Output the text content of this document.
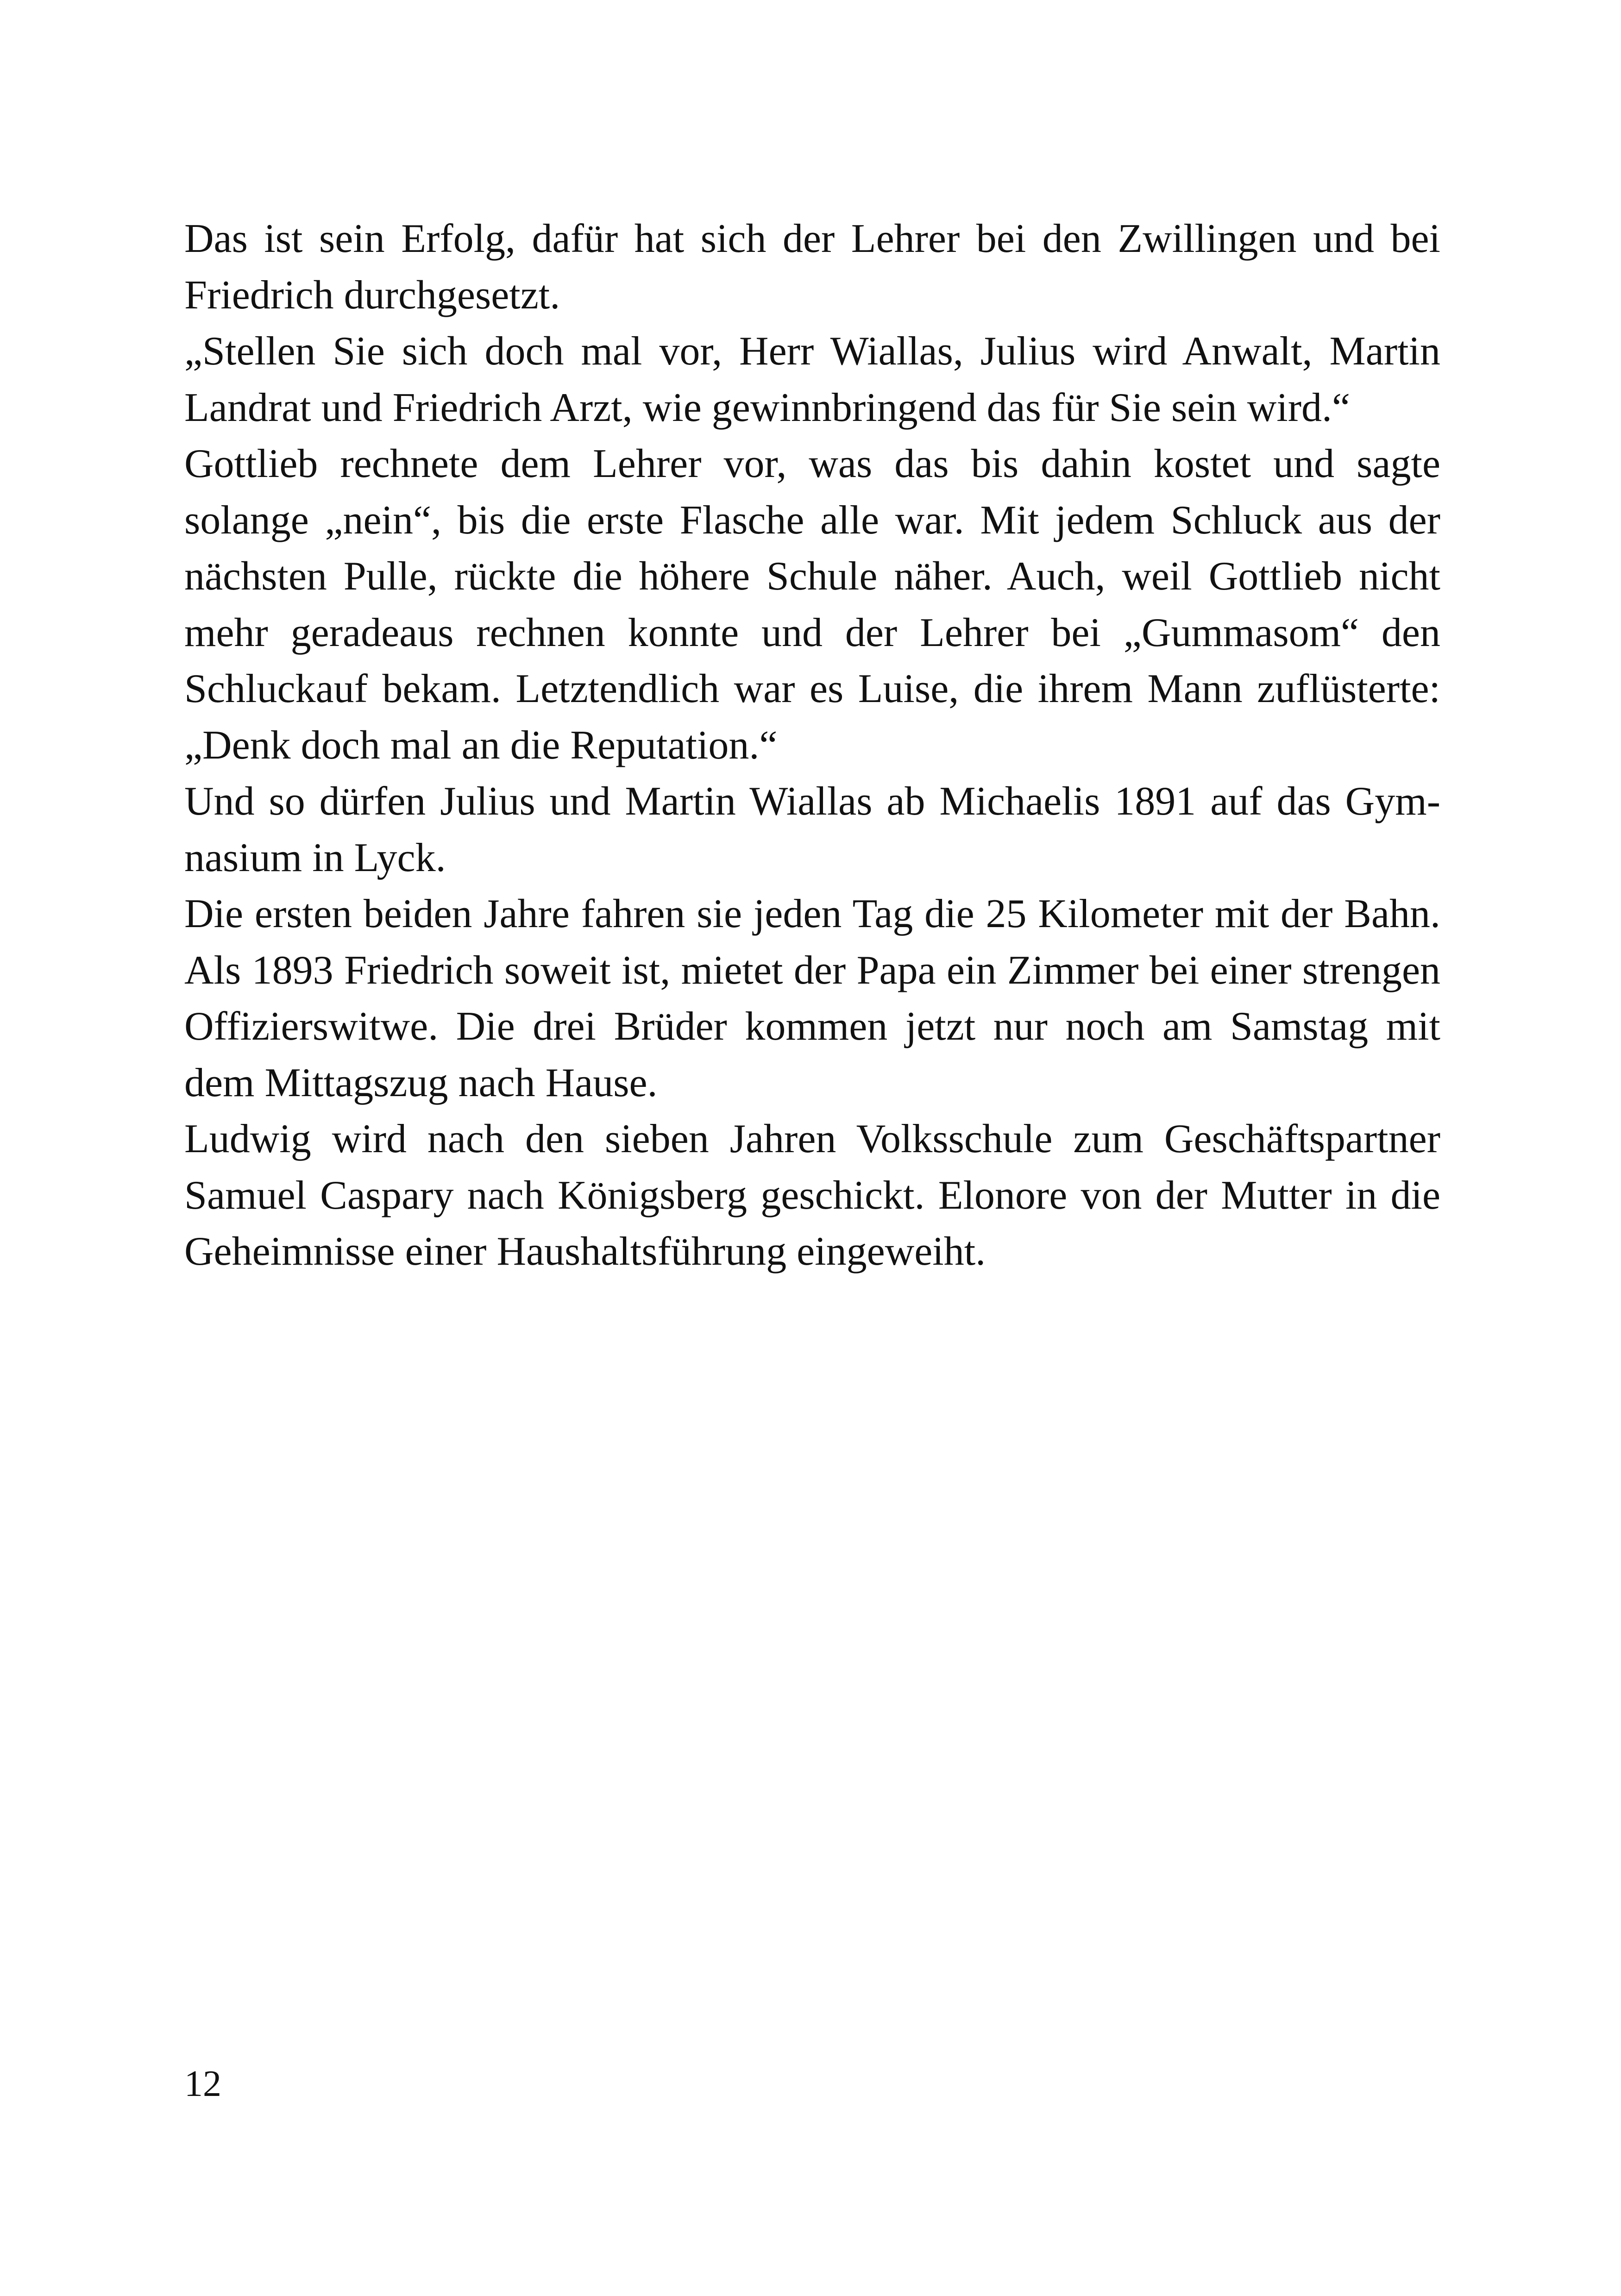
Das ist sein Erfolg, dafür hat sich der Lehrer bei den Zwillingen und bei Friedrich durchgesetzt.

„Stellen Sie sich doch mal vor, Herr Wiallas, Julius wird Anwalt, Martin Landrat und Friedrich Arzt, wie gewinnbringend das für Sie sein wird.“

Gottlieb rechnete dem Lehrer vor, was das bis dahin kostet und sagte solange „nein“, bis die erste Flasche alle war. Mit jedem Schluck aus der nächsten Pulle, rückte die höhere Schule näher. Auch, weil Gottlieb nicht mehr geradeaus rechnen konnte und der Lehrer bei „Gummasom“ den Schluckauf bekam. Letztendlich war es Luise, die ihrem Mann zuflüsterte: „Denk doch mal an die Reputation.“

Und so dürfen Julius und Martin Wiallas ab Michaelis 1891 auf das Gymnasium in Lyck.

Die ersten beiden Jahre fahren sie jeden Tag die 25 Kilometer mit der Bahn. Als 1893 Friedrich soweit ist, mietet der Papa ein Zimmer bei einer strengen Offizierswitwe. Die drei Brüder kommen jetzt nur noch am Samstag mit dem Mittagszug nach Hause.

Ludwig wird nach den sieben Jahren Volksschule zum Geschäftspartner Samuel Caspary nach Königsberg geschickt. Elonore von der Mutter in die Geheimnisse einer Haushaltsführung eingeweiht.

12
